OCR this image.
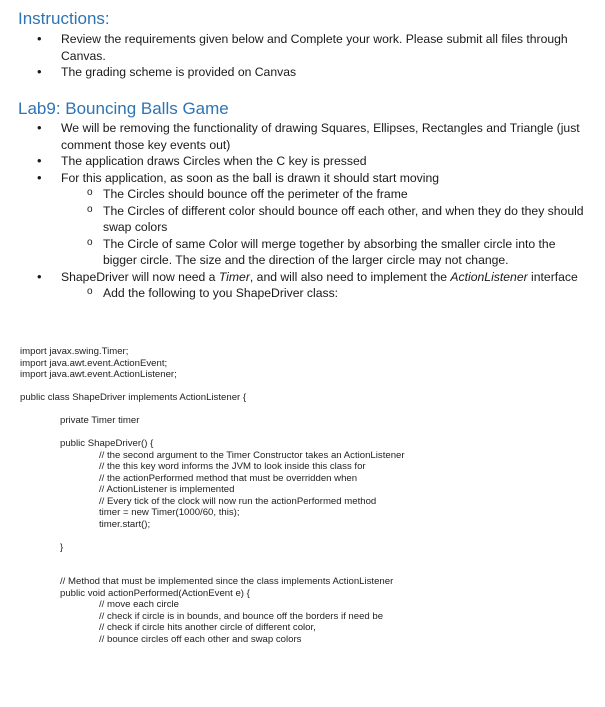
Instructions:
• Review the requirements given below and Complete your work. Please submit all files through Canvas.
• The grading scheme is provided on Canvas
Lab9: Bouncing Balls Game
• We will be removing the functionality of drawing Squares, Ellipses, Rectangles and Triangle (just comment those key events out)
• The application draws Circles when the C key is pressed
• For this application, as soon as the ball is drawn it should start moving
o The Circles should bounce off the perimeter of the frame
o The Circles of different color should bounce off each other, and when they do they should swap colors
o The Circle of same Color will merge together by absorbing the smaller circle into the bigger circle. The size and the direction of the larger circle may not change.
• ShapeDriver will now need a Timer, and will also need to implement the ActionListener interface
o Add the following to you ShapeDriver class:
import javax.swing.Timer;
import java.awt.event.ActionEvent;
import java.awt.event.ActionListener;
public class ShapeDriver implements ActionListener {
private Timer timer
public ShapeDriver() {
// the second argument to the Timer Constructor takes an ActionListener
// the this key word informs the JVM to look inside this class for
// the actionPerformed method that must be overridden when
// ActionListener is implemented
// Every tick of the clock will now run the actionPerformed method
timer = new Timer(1000/60, this);
timer.start();
}
// Method that must be implemented since the class implements ActionListener
public void actionPerformed(ActionEvent e) {
// move each circle
// check if circle is in bounds, and bounce off the borders if need be
// check if circle hits another circle of different color,
// bounce circles off each other and swap colors
